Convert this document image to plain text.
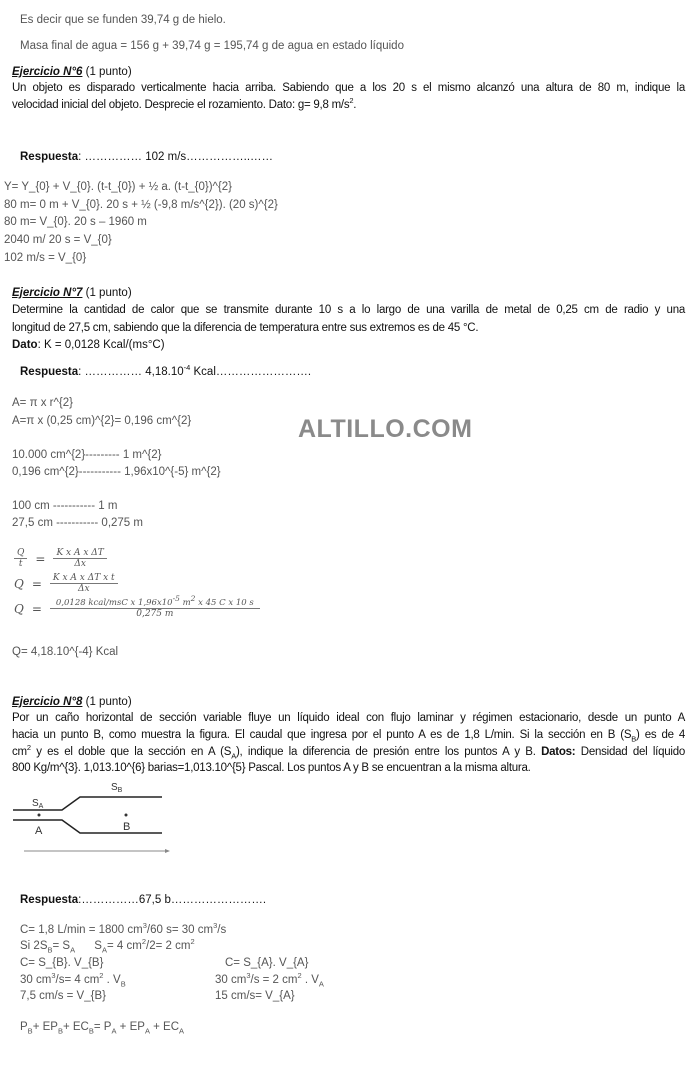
Es decir que se funden 39,74 g de hielo.
Masa final de agua = 156 g + 39,74 g = 195,74 g de agua en estado líquido
Ejercicio N°6 (1 punto)
Un objeto es disparado verticalmente hacia arriba. Sabiendo que a los 20 s el mismo alcanzó una altura de 80 m, indique la
velocidad inicial del objeto. Desprecie el rozamiento. Dato: g= 9,8 $m/s^2$.
Respuesta: …………… 102 m/s……………..……
Y= Y_{0} + V_{0}. (t-t_{0}) + ½ a. (t-t_{0})^{2}
80 m= 0 m + V_{0}. 20 s + ½ (-9,8 m/s^{2}). (20 s)^{2}
80 m= V_{0}. 20 s – 1960 m
2040 m/ 20 s = V_{0}
102 m/s = V_{0}
Ejercicio N°7 (1 punto)
Determine la cantidad de calor que se transmite durante 10 s a lo largo de una varilla de metal de 0,25 cm de radio y una
longitud de 27,5 cm, sabiendo que la diferencia de temperatura entre sus extremos es de 45 °C.
Dato: K = 0,0128 Kcal/(ms°C)
Respuesta: …………… $4,18.10^{-4}$ Kcal…………………….
A= π x r^{2}
A=π x (0,25 cm)^{2}= 0,196 cm^{2}
10.000 cm^{2}--------- 1 m^{2}
0,196 cm^{2}----------- 1,96x10^{-5} m^{2}
100 cm ----------- 1 m
27,5 cm ----------- 0,275 m
ALTILLO.COM
$\frac{Q}{t} = \frac{\text{K x A x ΔT}}{\Delta x}$
$Q = \frac{\text{K x A x ΔT x t}}{\Delta x}$
Q =	0,0128 kcal/msC x $1,96x10^{-5}$ $m^2$ x 45 C x 10 s
0,275 m
Q= 4,18.10^{-4} Kcal
Ejercicio N°8 (1 punto)
Por un caño horizontal de sección variable fluye un líquido ideal con flujo laminar y régimen estacionario, desde un punto A
hacia un punto B, como muestra la figura. El caudal que ingresa por el punto A es de 1,8 L/min. Si la sección en B $(S_B)$ es de 4
$cm^2$ y es el doble que la sección en A $(S_A)$, indique la diferencia de presión entre los puntos A y B. Datos: Densidad del líquido
800 Kg/m^{3}. 1,013.10^{6} barias=1,013.10^{5} Pascal. Los puntos A y B se encuentran a la misma altura.
$S_A$
$S_B$
A	B
Respuesta:……………67,5 b…………………….
C= 1,8 L/min = 1800 $cm^3/60$ s= 30 $cm^3/s$
Si $2S_B= S_A$      $S_A= 4$ $cm^2/2= 2$ $cm^2$
C= S_{B}. V_{B}
30 $cm^3/s= 4$ $cm^2$ . $V_B$
7,5 cm/s = V_{B}
C= S_{A}. V_{A}
30 $cm^3/s = 2$ $cm^2$ . $V_A$
15 cm/s= V_{A}
$P_B+ EP_B+ EC_B= P_A + EP_A + EC_A$
